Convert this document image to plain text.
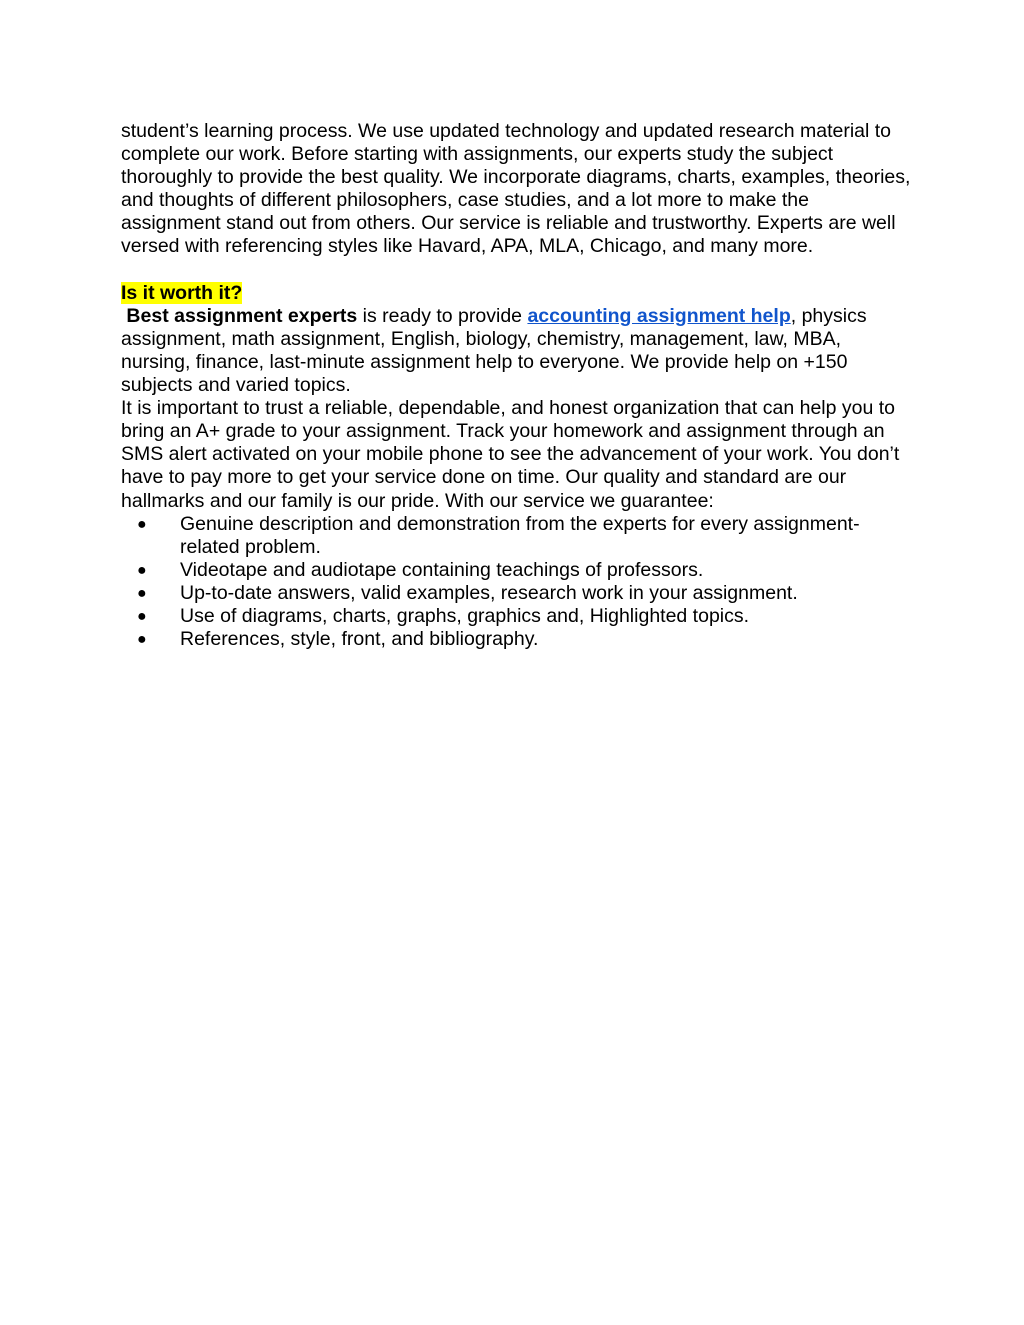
student’s learning process. We use updated technology and updated research material to complete our work. Before starting with assignments, our experts study the subject thoroughly to provide the best quality. We incorporate diagrams, charts, examples, theories, and thoughts of different philosophers, case studies, and a lot more to make the assignment stand out from others. Our service is reliable and trustworthy. Experts are well versed with referencing styles like Havard, APA, MLA, Chicago, and many more.

Is it worth it?

Best assignment experts is ready to provide accounting assignment help, physics assignment, math assignment, English, biology, chemistry, management, law, MBA, nursing, finance, last-minute assignment help to everyone. We provide help on +150 subjects and varied topics.

It is important to trust a reliable, dependable, and honest organization that can help you to bring an A+ grade to your assignment. Track your homework and assignment through an SMS alert activated on your mobile phone to see the advancement of your work. You don’t have to pay more to get your service done on time. Our quality and standard are our hallmarks and our family is our pride. With our service we guarantee:

● Genuine description and demonstration from the experts for every assignment-related problem.
● Videotape and audiotape containing teachings of professors.
● Up-to-date answers, valid examples, research work in your assignment.
● Use of diagrams, charts, graphs, graphics and, Highlighted topics.
● References, style, front, and bibliography.
